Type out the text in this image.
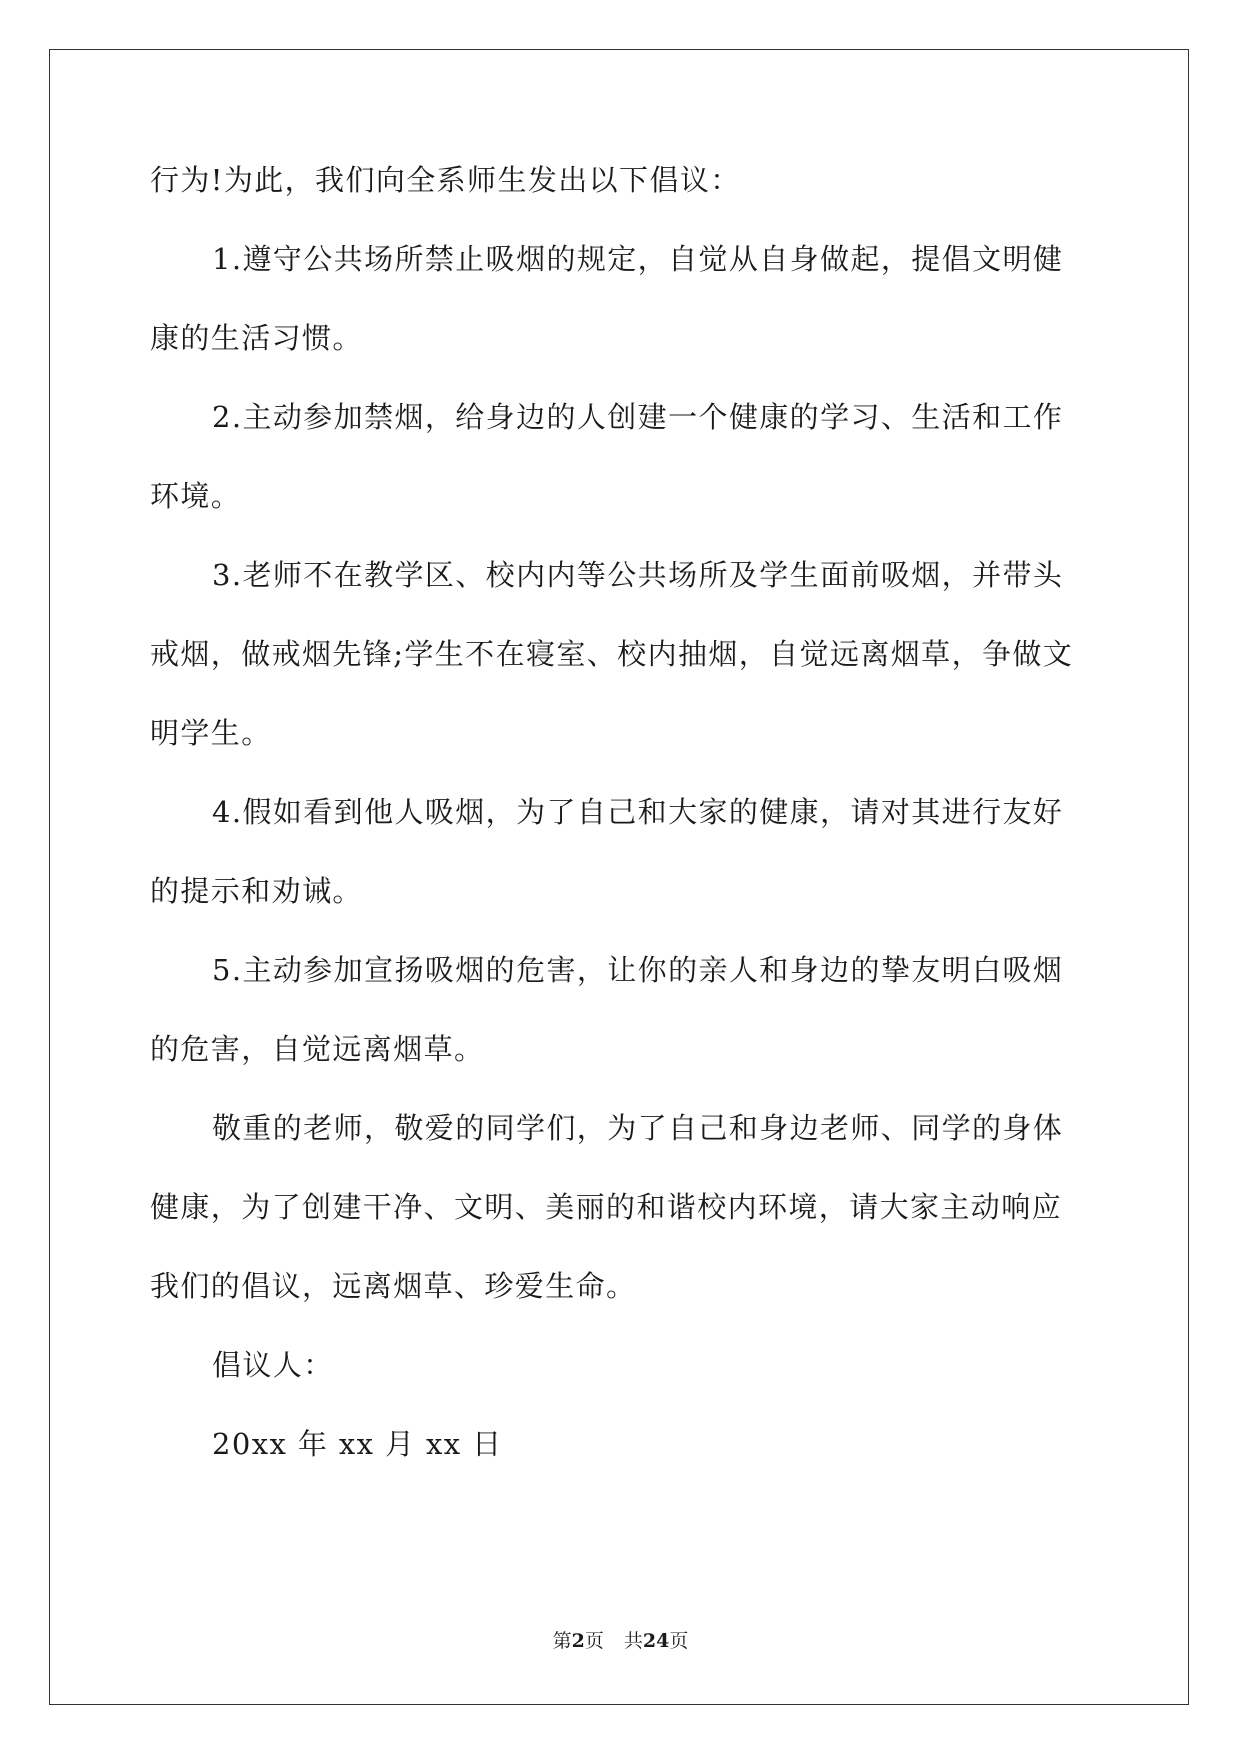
行为!为此，我们向全系师生发出以下倡议：
1.遵守公共场所禁止吸烟的规定，自觉从自身做起，提倡文明健
康的生活习惯。
2.主动参加禁烟，给身边的人创建一个健康的学习、生活和工作
环境。
3.老师不在教学区、校内内等公共场所及学生面前吸烟，并带头
戒烟，做戒烟先锋;学生不在寝室、校内抽烟，自觉远离烟草，争做文
明学生。
4.假如看到他人吸烟，为了自己和大家的健康，请对其进行友好
的提示和劝诫。
5.主动参加宣扬吸烟的危害，让你的亲人和身边的挚友明白吸烟
的危害，自觉远离烟草。
敬重的老师，敬爱的同学们，为了自己和身边老师、同学的身体
健康，为了创建干净、文明、美丽的和谐校内环境，请大家主动响应
我们的倡议，远离烟草、珍爱生命。
倡议人：
20xx 年 xx 月 xx 日
第2页 共24页
